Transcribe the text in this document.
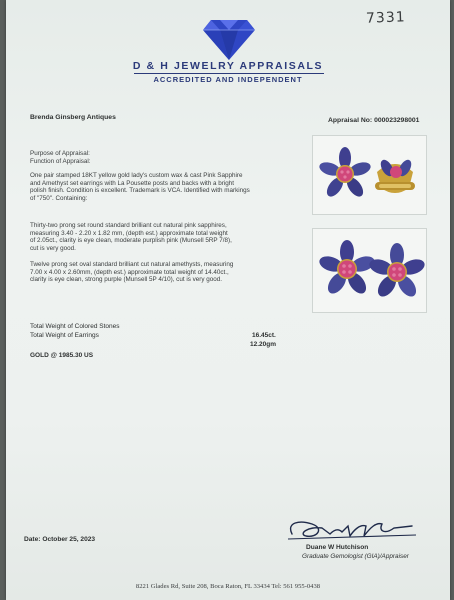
7331
D & H JEWELRY APPRAISALS
ACCREDITED AND INDEPENDENT
Brenda Ginsberg Antiques	Appraisal No: 000023298001
Purpose of Appraisal:
Function of Appraisal:
One pair stamped 18KT yellow gold lady's custom wax & cast Pink Sapphire
and Amethyst set earrings with La Pousette posts and backs with a bright
polish finish. Condition is excellent. Trademark is VCA. Identified with markings
of "750". Containing:
Thirty-two prong set round standard brilliant cut natural pink sapphires,
measuring 3.40 - 2.20 x 1.82 mm, (depth est.) approximate total weight
of 2.05ct., clarity is eye clean, moderate purplish pink (Munsell 5RP 7/8),
cut is very good.
Twelve prong set oval standard brilliant cut natural amethysts, measuring
7.00 x 4.00 x 2.60mm, (depth est.) approximate total weight of 14.40ct.,
clarity is eye clean, strong purple (Munsell 5P 4/10), cut is very good.
Total Weight of Colored Stones
Total Weight of Earrings	16.45ct.
12.20gm
GOLD @ 1985.30 US
Date: October 25, 2023
Duane W Hutchison
Graduate Gemologist (GIA)/Appraiser
8221 Glades Rd, Suite 208, Boca Raton, FL 33434 Tel: 561 955-0438
